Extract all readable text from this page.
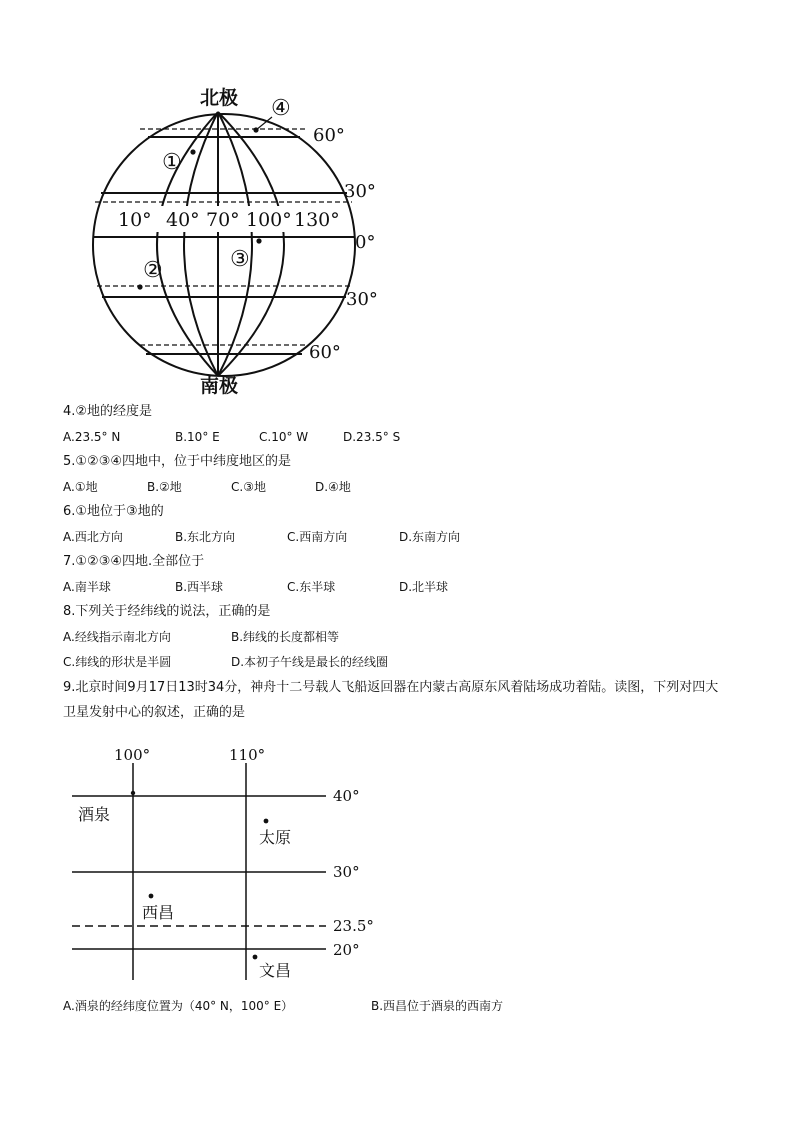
北极
南极
60°
30°
0°
30°
60°
10° 40° 70° 100° 130°
①
②	③
④
4.②地的经度是
A.23.5° N	B.10° E	C.10° W	D.23.5° S
5.①②③④四地中，位于中纬度地区的是
A.①地	B.②地	C.③地	D.④地
6.①地位于③地的
A.西北方向	B.东北方向	C.西南方向	D.东南方向
7.①②③④四地.全部位于
A.南半球	B.西半球	C.东半球	D.北半球
8.下列关于经纬线的说法，正确的是
A.经线指示南北方向	B.纬线的长度都相等
C.纬线的形状是半圆	D.本初子午线是最长的经线圈
9.北京时间9月17日13时34分，神舟十二号载人飞船返回器在内蒙古高原东风着陆场成功着陆。读图，下列对四大卫星发射中心的叙述，正确的是
100°	110°
40°
30°
23.5°
20°
酒泉
太原
西昌
文昌
A.酒泉的经纬度位置为（40° N，100° E）	B.西昌位于酒泉的西南方
